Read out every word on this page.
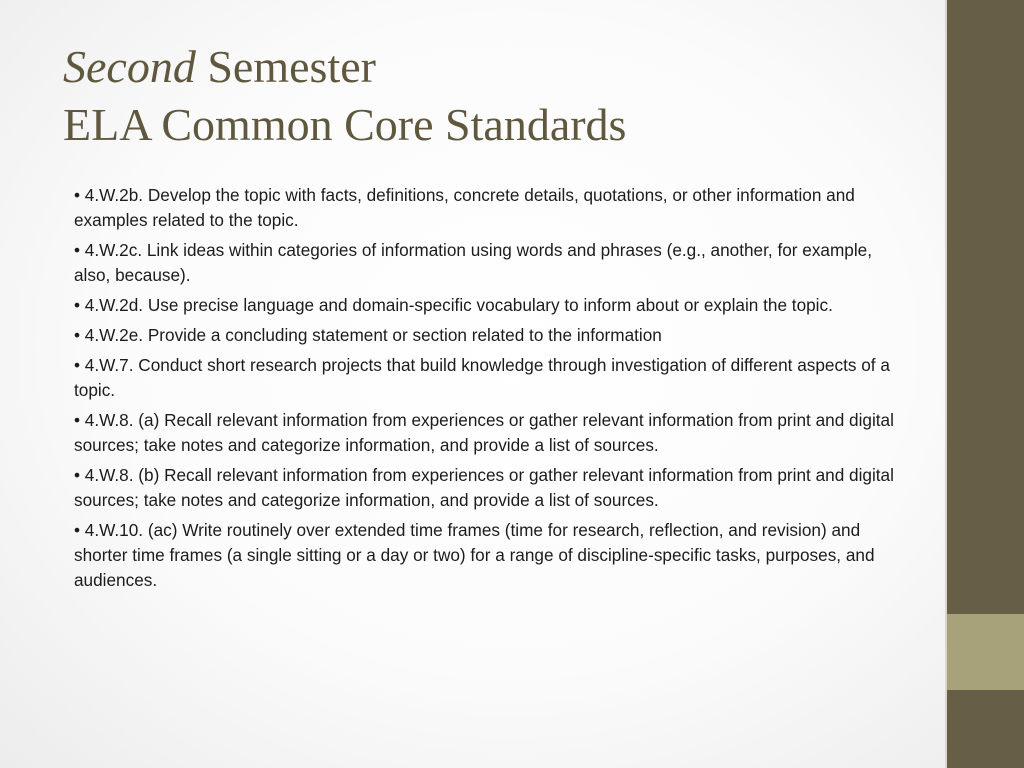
Second Semester
ELA Common Core Standards
• 4.W.2b. Develop the topic with facts, definitions, concrete details, quotations, or other information and examples related to the topic.
• 4.W.2c. Link ideas within categories of information using words and phrases (e.g., another, for example, also, because).
• 4.W.2d. Use precise language and domain-specific vocabulary to inform about or explain the topic.
• 4.W.2e. Provide a concluding statement or section related to the information
• 4.W.7. Conduct short research projects that build knowledge through investigation of different aspects of a topic.
• 4.W.8. (a) Recall relevant information from experiences or gather relevant information from print and digital sources; take notes and categorize information, and provide a list of sources.
• 4.W.8. (b) Recall relevant information from experiences or gather relevant information from print and digital sources; take notes and categorize information, and provide a list of sources.
• 4.W.10. (ac) Write routinely over extended time frames (time for research, reflection, and revision) and shorter time frames (a single sitting or a day or two) for a range of discipline-specific tasks, purposes, and audiences.
